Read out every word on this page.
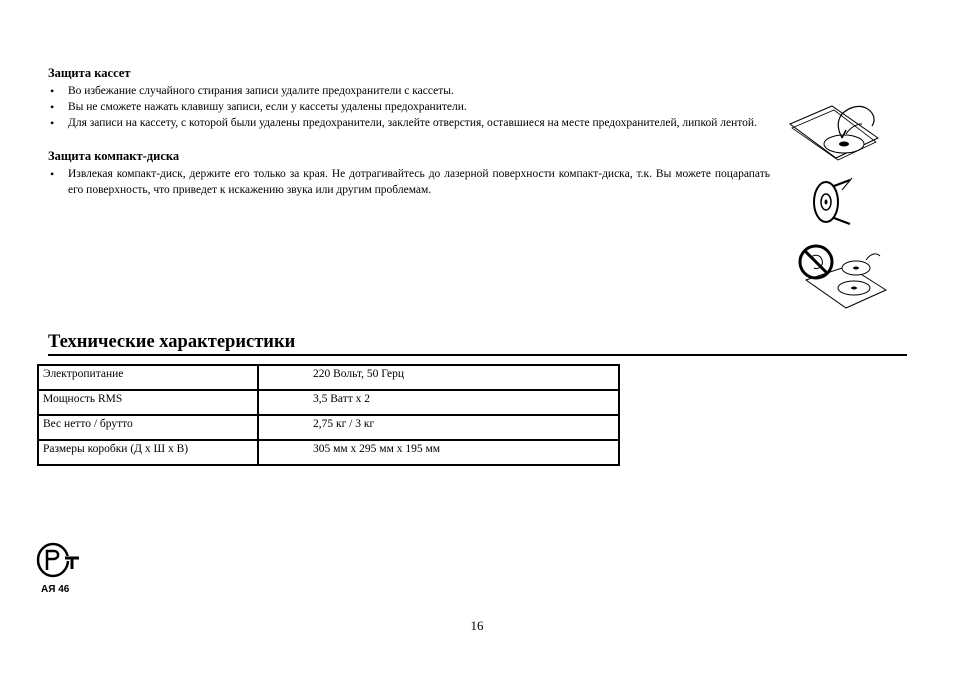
Защита кассет
• Во избежание случайного стирания записи удалите предохранители с кассеты.
• Вы не сможете нажать клавишу записи, если у кассеты удалены предохранители.
• Для записи на кассету, с которой были удалены предохранители, заклейте отверстия, оставшиеся на месте предохранителей, липкой лентой.
Защита компакт-диска
• Извлекая компакт-диск, держите его только за края. Не дотрагивайтесь до лазерной поверхности компакт-диска, т.к. Вы можете поцарапать его поверхность, что приведет к искажению звука или другим проблемам.
Технические характеристики
Электропитание	220 Вольт, 50 Герц
Мощность RMS	3,5 Ватт х 2
Вес нетто / брутто	2,75 кг / 3 кг
Размеры коробки (Д х Ш х В)	305 мм х 295 мм х 195 мм
АЯ 46
16
